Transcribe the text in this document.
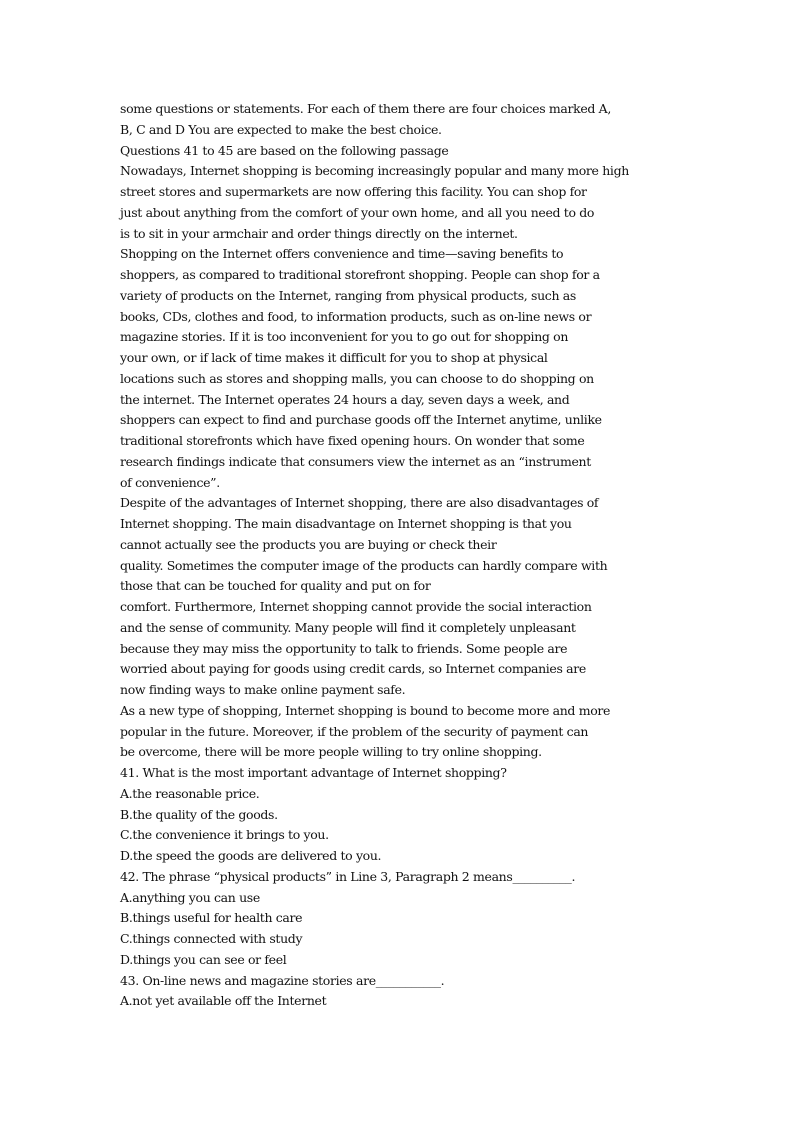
some questions or statements. For each of them there are four choices marked A,
B, C and D You are expected to make the best choice.
Questions 41 to 45 are based on the following passage
Nowadays, Internet shopping is becoming increasingly popular and many more high
street stores and supermarkets are now offering this facility. You can shop for
just about anything from the comfort of your own home, and all you need to do
is to sit in your armchair and order things directly on the internet.
Shopping on the Internet offers convenience and time—saving benefits to
shoppers, as compared to traditional storefront shopping. People can shop for a
variety of products on the Internet, ranging from physical products, such as
books, CDs, clothes and food, to information products, such as on-line news or
magazine stories. If it is too inconvenient for you to go out for shopping on
your own, or if lack of time makes it difficult for you to shop at physical
locations such as stores and shopping malls, you can choose to do shopping on
the internet. The Internet operates 24 hours a day, seven days a week, and
shoppers can expect to find and purchase goods off the Internet anytime, unlike
traditional storefronts which have fixed opening hours. On wonder that some
research findings indicate that consumers view the internet as an “instrument
of convenience”.
Despite of the advantages of Internet shopping, there are also disadvantages of
Internet shopping. The main disadvantage on Internet shopping is that you
cannot actually see the products you are buying or check their
quality. Sometimes the computer image of the products can hardly compare with
those that can be touched for quality and put on for
comfort. Furthermore, Internet shopping cannot provide the social interaction
and the sense of community. Many people will find it completely unpleasant
because they may miss the opportunity to talk to friends. Some people are
worried about paying for goods using credit cards, so Internet companies are
now finding ways to make online payment safe.
As a new type of shopping, Internet shopping is bound to become more and more
popular in the future. Moreover, if the problem of the security of payment can
be overcome, there will be more people willing to try online shopping.
41. What is the most important advantage of Internet shopping?
A.the reasonable price.
B.the quality of the goods.
C.the convenience it brings to you.
D.the speed the goods are delivered to you.
42. The phrase “physical products” in Line 3, Paragraph 2 means__________.
A.anything you can use
B.things useful for health care
C.things connected with study
D.things you can see or feel
43. On-line news and magazine stories are___________.
A.not yet available off the Internet
